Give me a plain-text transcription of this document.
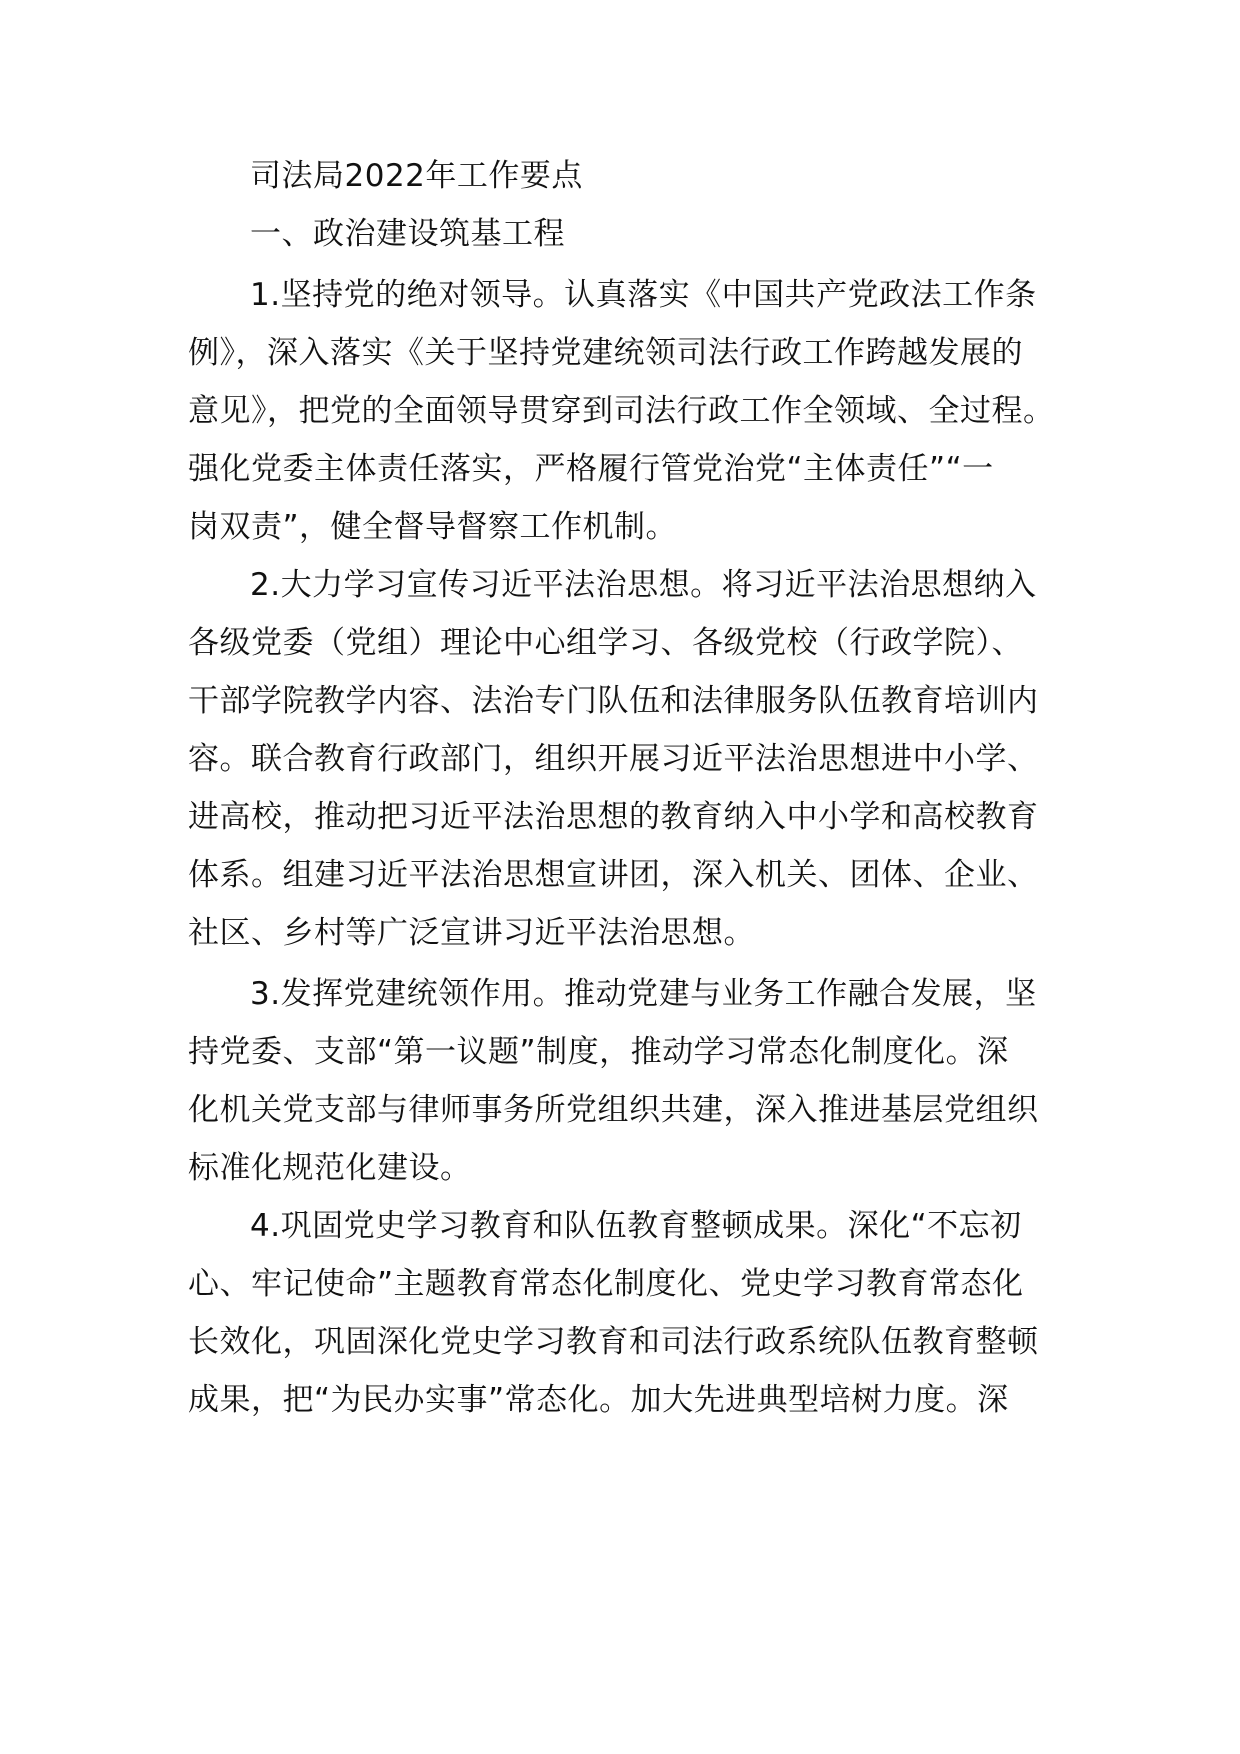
司法局2022年工作要点
一、政治建设筑基工程
1.坚持党的绝对领导。认真落实《中国共产党政法工作条
例》，深入落实《关于坚持党建统领司法行政工作跨越发展的
意见》，把党的全面领导贯穿到司法行政工作全领域、全过程。
强化党委主体责任落实，严格履行管党治党“主体责任”“一
岗双责”，健全督导督察工作机制。
2.大力学习宣传习近平法治思想。将习近平法治思想纳入
各级党委（党组）理论中心组学习、各级党校（行政学院）、
干部学院教学内容、法治专门队伍和法律服务队伍教育培训内
容。联合教育行政部门，组织开展习近平法治思想进中小学、
进高校，推动把习近平法治思想的教育纳入中小学和高校教育
体系。组建习近平法治思想宣讲团，深入机关、团体、企业、
社区、乡村等广泛宣讲习近平法治思想。
3.发挥党建统领作用。推动党建与业务工作融合发展，坚
持党委、支部“第一议题”制度，推动学习常态化制度化。深
化机关党支部与律师事务所党组织共建，深入推进基层党组织
标准化规范化建设。
4.巩固党史学习教育和队伍教育整顿成果。深化“不忘初
心、牢记使命”主题教育常态化制度化、党史学习教育常态化
长效化，巩固深化党史学习教育和司法行政系统队伍教育整顿
成果，把“为民办实事”常态化。加大先进典型培树力度。深
